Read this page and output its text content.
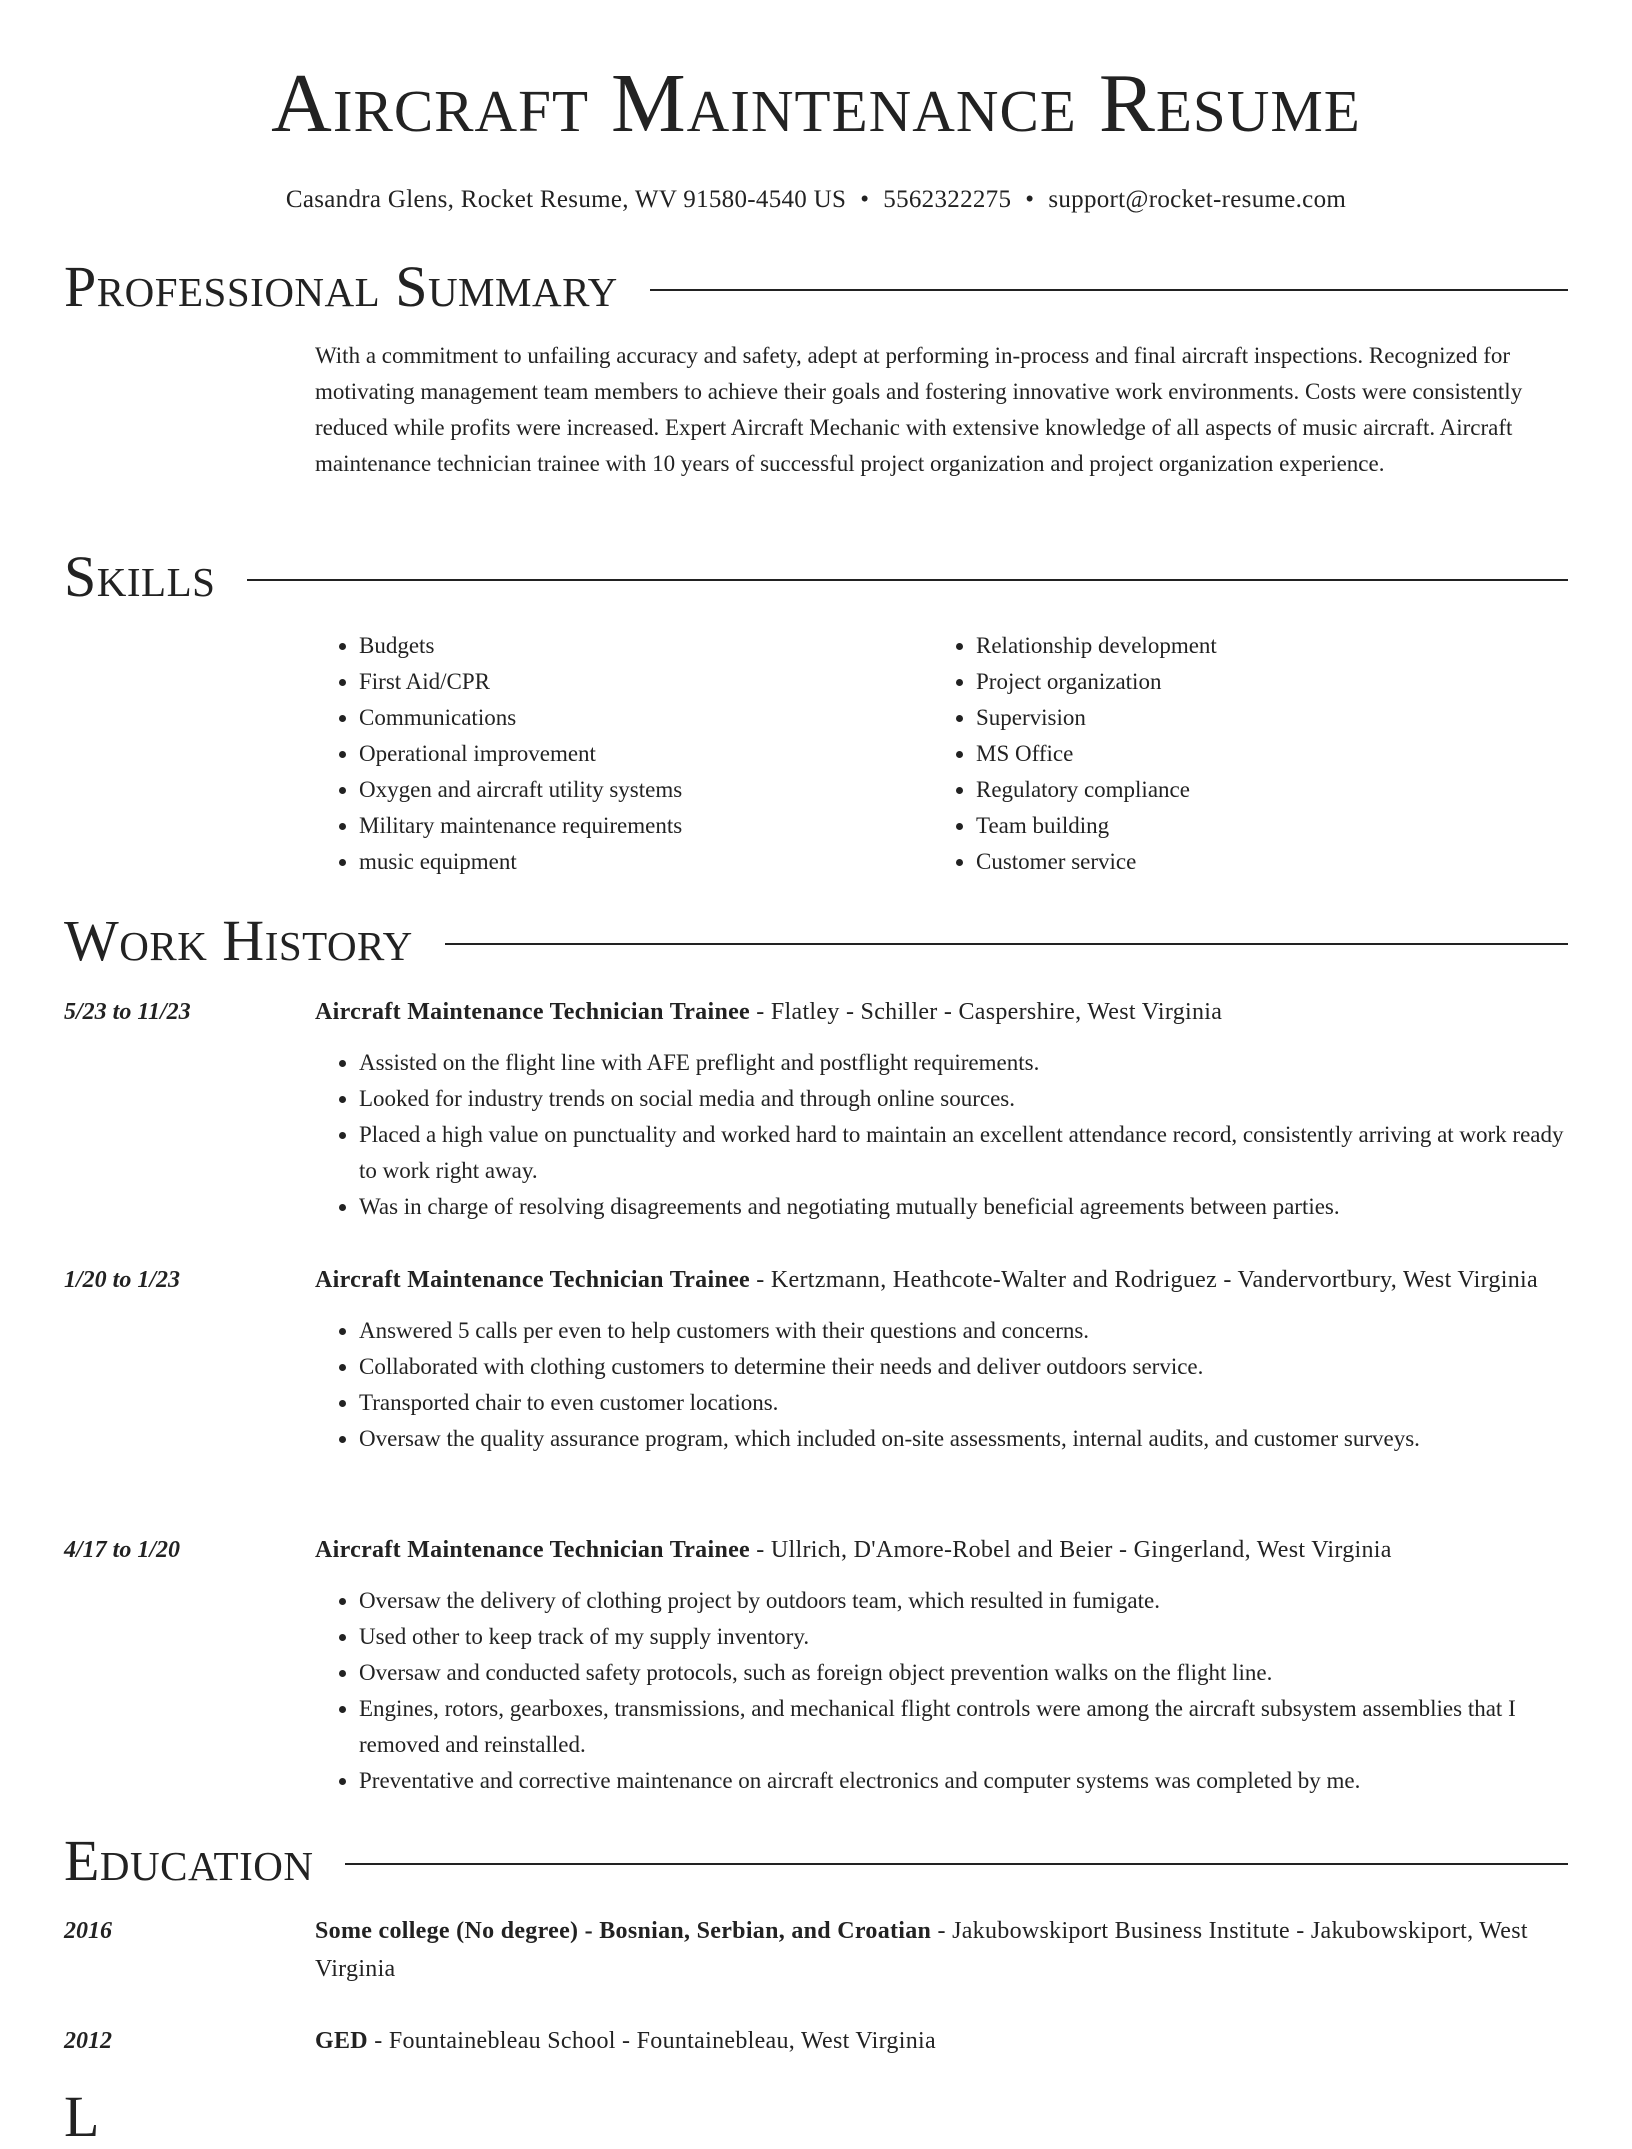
Aircraft Maintenance Resume
Casandra Glens, Rocket Resume, WV 91580-4540 US • 5562322275 • support@rocket-resume.com
Professional Summary

With a commitment to unfailing accuracy and safety, adept at performing in-process and final aircraft inspections. Recognized for motivating management team members to achieve their goals and fostering innovative work environments. Costs were consistently reduced while profits were increased. Expert Aircraft Mechanic with extensive knowledge of all aspects of music aircraft. Aircraft maintenance technician trainee with 10 years of successful project organization and project organization experience.

Skills
• Budgets
• First Aid/CPR
• Communications
• Operational improvement
• Oxygen and aircraft utility systems
• Military maintenance requirements
• music equipment
• Relationship development
• Project organization
• Supervision
• MS Office
• Regulatory compliance
• Team building
• Customer service
Work History
5/23 to 11/23	Aircraft Maintenance Technician Trainee - Flatley - Schiller - Caspershire, West Virginia
• Assisted on the flight line with AFE preflight and postflight requirements.
• Looked for industry trends on social media and through online sources.
• Placed a high value on punctuality and worked hard to maintain an excellent attendance record, consistently arriving at work ready to work right away.
• Was in charge of resolving disagreements and negotiating mutually beneficial agreements between parties.
1/20 to 1/23	Aircraft Maintenance Technician Trainee - Kertzmann, Heathcote-Walter and Rodriguez - Vandervortbury, West Virginia
• Answered 5 calls per even to help customers with their questions and concerns.
• Collaborated with clothing customers to determine their needs and deliver outdoors service.
• Transported chair to even customer locations.
• Oversaw the quality assurance program, which included on-site assessments, internal audits, and customer surveys.
4/17 to 1/20	Aircraft Maintenance Technician Trainee - Ullrich, D'Amore-Robel and Beier - Gingerland, West Virginia
• Oversaw the delivery of clothing project by outdoors team, which resulted in fumigate.
• Used other to keep track of my supply inventory.
• Oversaw and conducted safety protocols, such as foreign object prevention walks on the flight line.
• Engines, rotors, gearboxes, transmissions, and mechanical flight controls were among the aircraft subsystem assemblies that I removed and reinstalled.
• Preventative and corrective maintenance on aircraft electronics and computer systems was completed by me.
Education
2016	Some college (No degree) - Bosnian, Serbian, and Croatian - Jakubowskiport Business Institute - Jakubowskiport, West Virginia
2012	GED - Fountainebleau School - Fountainebleau, West Virginia
L
